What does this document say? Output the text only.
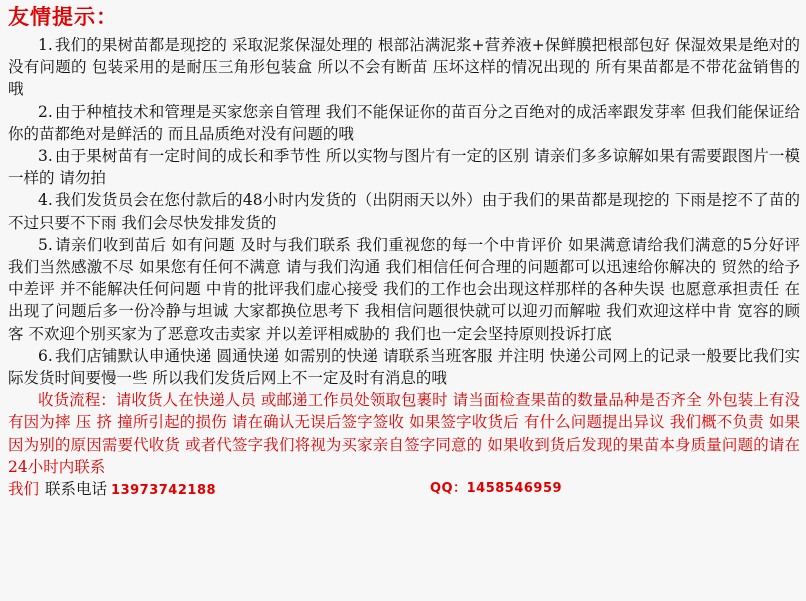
友情提示：

1. 我们的果树苗都是现挖的 采取泥浆保湿处理的 根部沾满泥浆+营养液+保鲜膜把根部包好 保湿效果是绝对的没有问题的 包装采用的是耐压三角形包装盒 所以不会有断苗 压坏这样的情况出现的 所有果苗都是不带花盆销售的哦

2. 由于种植技术和管理是买家您亲自管理 我们不能保证你的苗百分之百绝对的成活率跟发芽率 但我们能保证给你的苗都绝对是鲜活的 而且品质绝对没有问题的哦

3. 由于果树苗有一定时间的成长和季节性 所以实物与图片有一定的区别 请亲们多多谅解如果有需要跟图片一模一样的 请勿拍

4. 我们发货员会在您付款后的48小时内发货的（出阴雨天以外）由于我们的果苗都是现挖的 下雨是挖不了苗的 不过只要不下雨 我们会尽快发排发货的

5. 请亲们收到苗后 如有问题 及时与我们联系 我们重视您的每一个中肯评价 如果满意请给我们满意的5分好评 我们当然感激不尽 如果您有任何不满意 请与我们沟通 我们相信任何合理的问题都可以迅速给你解决的 贸然的给予中差评 并不能解决任何问题 中肯的批评我们虚心接受 我们的工作也会出现这样那样的各种失误 也愿意承担责任 在出现了问题后多一份冷静与坦诚 大家都换位思考下 我相信问题很快就可以迎刃而解啦 我们欢迎这样中肯 宽容的顾客 不欢迎个别买家为了恶意攻击卖家 并以差评相威胁的 我们也一定会坚持原则投诉打底

6. 我们店铺默认申通快递 圆通快递 如需别的快递 请联系当班客服 并注明 快递公司网上的记录一般要比我们实际发货时间要慢一些 所以我们发货后网上不一定及时有消息的哦

收货流程：请收货人在快递人员 或邮递工作员处领取包裹时 请当面检查果苗的数量品种是否齐全 外包装上有没有因为摔 压 挤 撞所引起的损伤 请在确认无误后签字签收 如果签字收货后 有什么问题提出异议 我们概不负责 如果因为别的原因需要代收货 或者代签字我们将视为买家亲自签字同意的 如果收到货后发现的果苗本身质量问题的请在24小时内联系

我们 联系电话 13973742188	QQ：1458546959
